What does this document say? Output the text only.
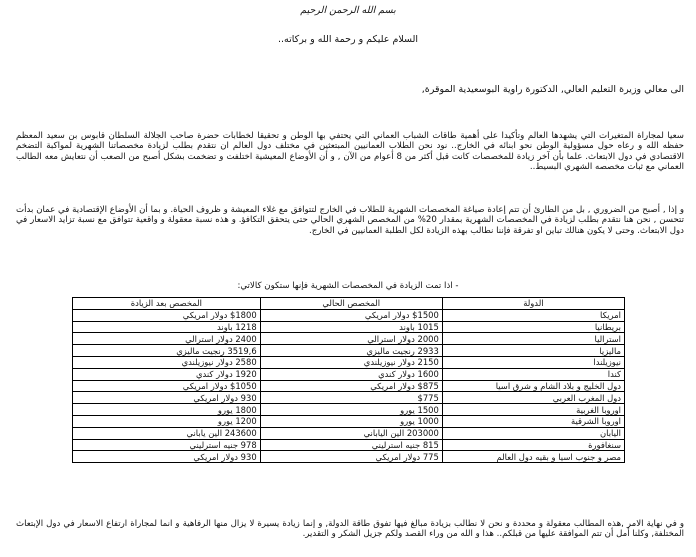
بسم الله الرحمن الرحيم
السلام عليكم و رحمة الله و بركاته..
الى معالي وزيرة التعليم العالي, الدكتورة راوية البوسعيدية الموقرة,
سعيا لمجاراة المتغيرات التي يشهدها العالم وتأكيدا على أهمية طاقات الشباب العماني التي يحتفي بها الوطن و تحقيقا لخطابات حضرة صاحب الجلالة السلطان قابوس بن سعيد المعظم حفظه الله و رعاه حول مسؤولية الوطن نحو ابنائه في الخارج.. نود نحن الطلاب العمانيين المبتعثين في مختلف دول العالم ان نتقدم بطلب لزيادة مخصصاتنا الشهرية لمواكبة التضخم الاقتصادي في دول الابتعاث. علما بأن آخر زيادة للمخصصات كانت قبل أكثر من 8 أعوام من الآن , و أن الأوضاع المعيشية اختلفت و تضخمت بشكل أصبح من الصعب أن نتعايش معه الطالب العماني مع ثبات مخصصه الشهري البسيط..
و إذا , أصبح من الضروري , بل من الطارئ أن تتم إعادة صياغة المخصصات الشهرية للطلاب في الخارج لتتوافق مع غلاء المعيشة و ظروف الحياة. و بما أن الأوضاع الإقتصادية في عمان بدأت تتحسن , نحن هنا نتقدم بطلب لزيادة في المخصصات الشهرية بمقدار 20% من المخصص الشهري الحالي حتى يتحقق التكافؤ. و هذه نسبة معقولة و واقعية تتوافق مع نسبة تزايد الاسعار في دول الابتعاث. وحتى لا يكون هنالك تباين او تفرقة فإننا نطالب بهذه الزيادة لكل الطلبة العمانيين في الخارج.
- اذا تمت الزيادة في المخصصات الشهرية فإنها ستكون كالاتي:
المخصص بعد الزيادة	المخصص الحالي	الدولة
$1800 دولار امريكي	$1500 دولار امريكي	امريكا
1218 باوند	1015 باوند	بريطانيا
2400 دولار استرالي	2000 دولار استرالي	استراليا
3519,6 رنجيت ماليزي	2933 رنجيت ماليزي	ماليزيا
2580 دولار نيوزيلندي	2150 دولار نيوزيلندي	نيوزيلندا
1920 دولار كندي	1600 دولار كندي	كندا
$1050 دولار امريكي	$875 دولار امريكي	دول الخليج و بلاد الشام و شرق اسيا
930 دولار امريكي	$775	دول المغرب العربي
1800 يورو	1500 يورو	اوروبا الغربية
1200 يورو	1000 يورو	اوروبا الشرقية
243600 الين ياباني	203000 الين الياباني	اليابان
978 جنيه استرليني	815 جنيه استرليني	سنغافورة
930 دولار امريكي	775 دولار امريكي	مصر و جنوب اسيا و بقيه دول العالم
و في نهاية الامر ,هذه المطالب معقولة و محددة و نحن لا نطالب بزيادة مبالغ فيها تفوق طاقة الدولة, و إنما زيادة يسيرة لا يزال منها الرفاهية و انما لمجاراة ارتفاع الاسعار في دول الإبتعاث المختلفة, وكلنا أمل أن تتم الموافقة عليها من قبلكم.. هذا و الله من وراء القصد ولكم جزيل الشكر و التقدير.
